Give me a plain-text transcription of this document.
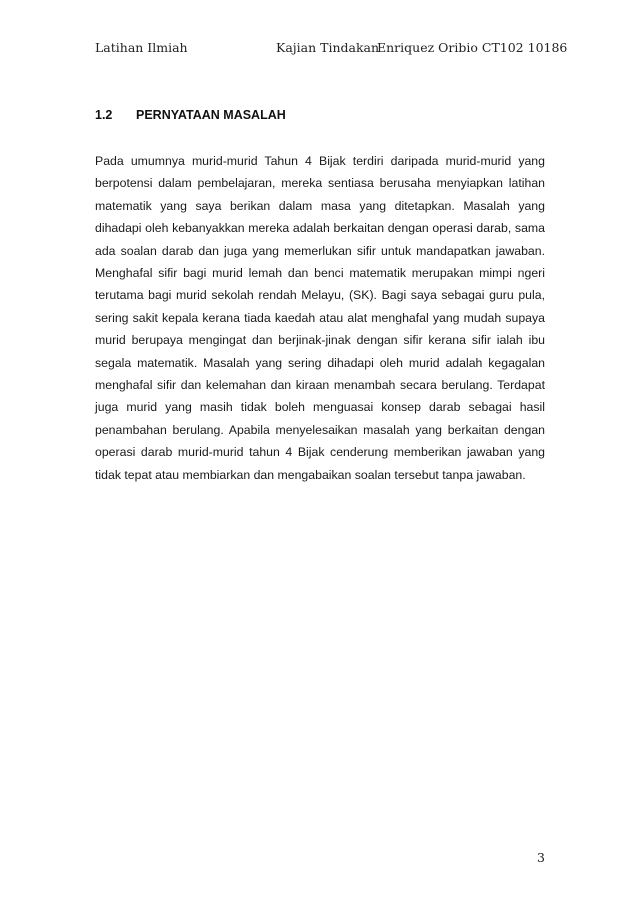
Latihan Ilmiah	Kajian Tindakan
Enriquez Oribio CT102 10186
1.2 PERNYATAAN MASALAH
Pada umumnya murid-murid Tahun 4 Bijak terdiri daripada murid-murid yang berpotensi dalam pembelajaran, mereka sentiasa berusaha menyiapkan latihan matematik yang saya berikan dalam masa yang ditetapkan. Masalah yang dihadapi oleh kebanyakkan mereka adalah berkaitan dengan operasi darab, sama ada soalan darab dan juga yang memerlukan sifir untuk mandapatkan jawaban. Menghafal sifir bagi murid lemah dan benci matematik merupakan mimpi ngeri terutama bagi murid sekolah rendah Melayu, (SK). Bagi saya sebagai guru pula, sering sakit kepala kerana tiada kaedah atau alat menghafal yang mudah supaya murid berupaya mengingat dan berjinak-jinak dengan sifir kerana sifir ialah ibu segala matematik. Masalah yang sering dihadapi oleh murid adalah kegagalan menghafal sifir dan kelemahan dan kiraan menambah secara berulang. Terdapat juga murid yang masih tidak boleh menguasai konsep darab sebagai hasil penambahan berulang. Apabila menyelesaikan masalah yang berkaitan dengan operasi darab murid-murid tahun 4 Bijak cenderung memberikan jawaban yang tidak tepat atau membiarkan dan mengabaikan soalan tersebut tanpa jawaban.
3
